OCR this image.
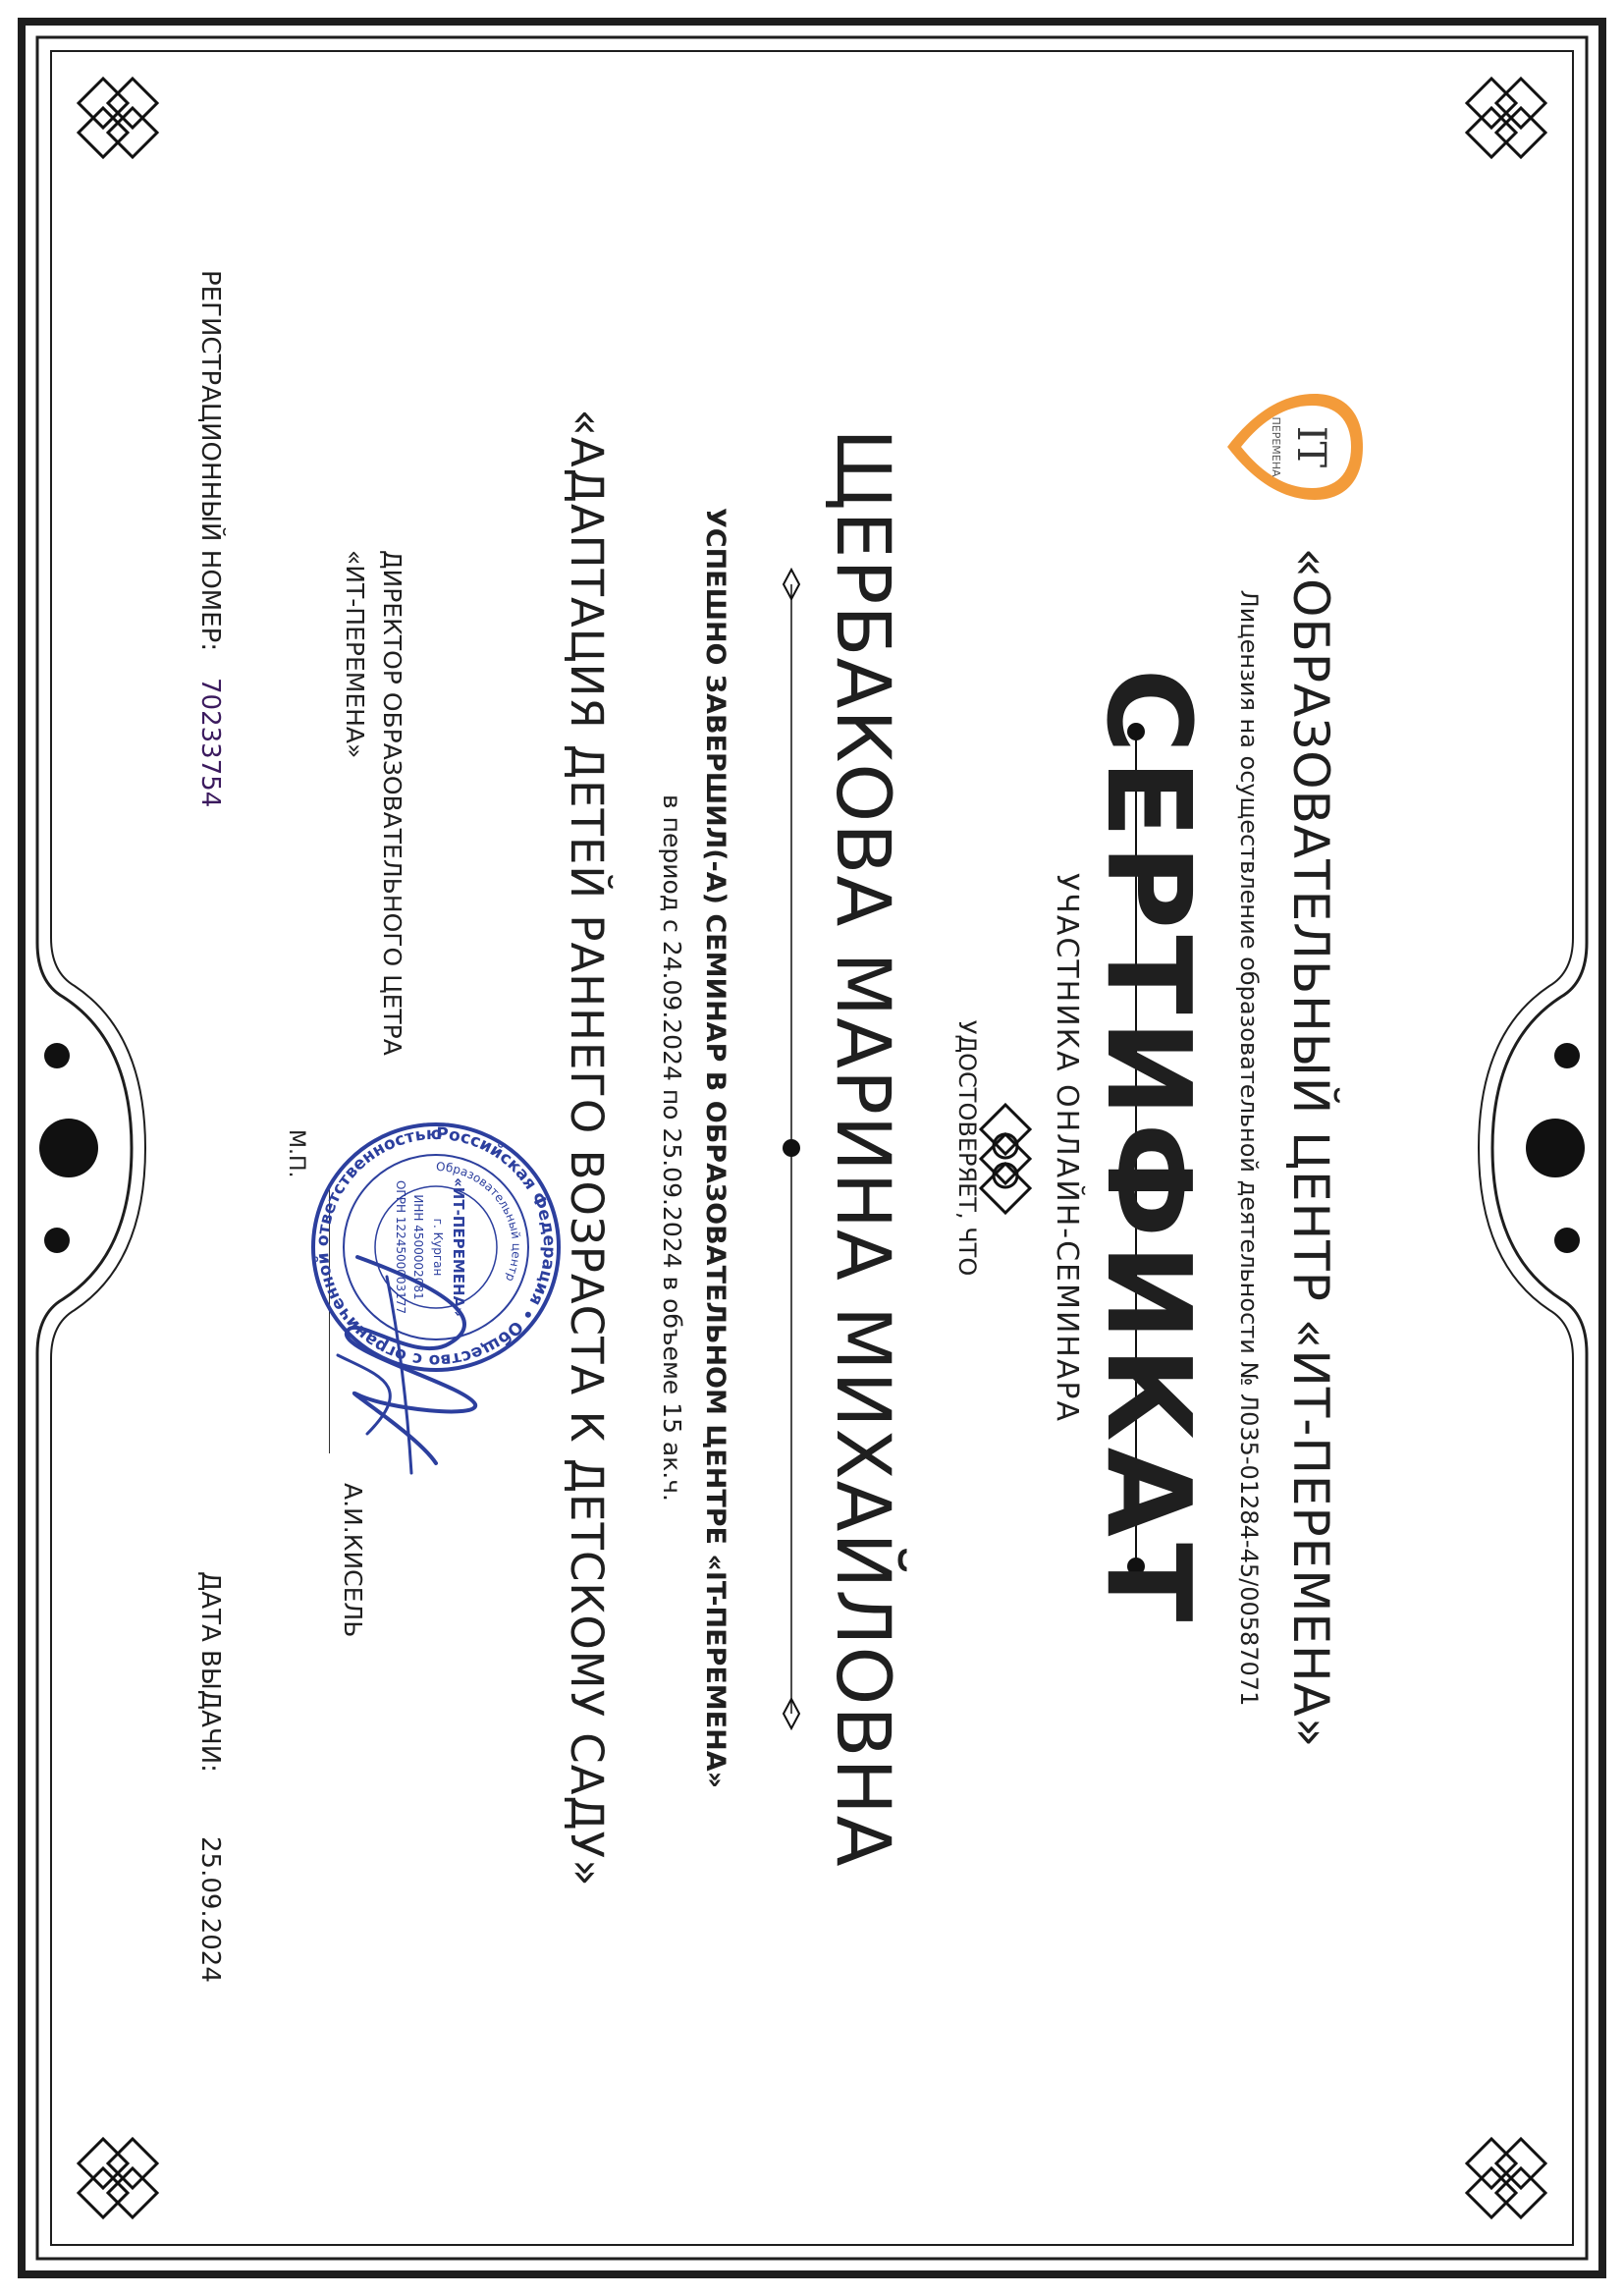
IT
ПЕРЕМЕНА
«ОБРАЗОВАТЕЛЬНЫЙ ЦЕНТР «ИТ-ПЕРЕМЕНА»
Лицензия на осуществление образовательной деятельности № Л035-01284-45/00587071
СЕРТИФИКАТ
УЧАСТНИКА ОНЛАЙН-СЕМИНАРА
УДОСТОВЕРЯЕТ, ЧТО
ЩЕРБАКОВА МАРИНА МИХАЙЛОВНА
УСПЕШНО ЗАВЕРШИЛ(-А) СЕМИНАР В ОБРАЗОВАТЕЛЬНОМ ЦЕНТРЕ «IT-ПЕРЕМЕНА»
в период с 24.09.2024 по 25.09.2024 в объеме 15 ак.ч.
«АДАПТАЦИЯ ДЕТЕЙ РАННЕГО ВОЗРАСТА К ДЕТСКОМУ САДУ»
ДИРЕКТОР ОБРАЗОВАТЕЛЬНОГО ЦЕТРА
«ИТ-ПЕРЕМЕНА»
А.И.КИСЕЛЬ
М.П.	Российская Федерация • Общество с ограниченной ответственностью
Образовательный центр
«ИТ-ПЕРЕМЕНА»
г. Курган
ИНН 4500002081
ОГРН 1224500003177
РЕГИСТРАЦИОННЫЙ НОМЕР:
70233754
ДАТА ВЫДАЧИ:
25.09.2024
